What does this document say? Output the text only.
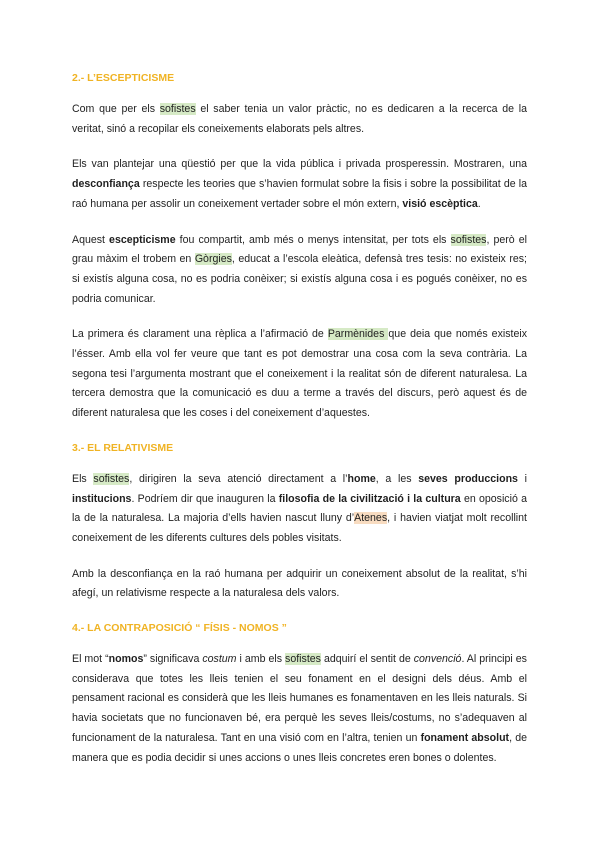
2.- L’ESCEPTICISME

Com que per els sofistes el saber tenia un valor pràctic, no es dedicaren a la recerca de la veritat, sinó a recopilar els coneixements elaborats pels altres.

Els van plantejar una qüestió per que la vida pública i privada prosperessin. Mostraren, una desconfiança respecte les teories que s’havien formulat sobre la fisis i sobre la possibilitat de la raó humana per assolir un coneixement vertader sobre el món extern, visió escèptica.

Aquest escepticisme fou compartit, amb més o menys intensitat, per tots els sofistes, però el grau màxim el trobem en Gòrgies, educat a l’escola eleàtica, defensà tres tesis: no existeix res; si existís alguna cosa, no es podria conèixer; si existís alguna cosa i es pogués conèixer, no es podria comunicar.

La primera és clarament una rèplica a l’afirmació de Parmènides que deia que només existeix l’ésser. Amb ella vol fer veure que tant es pot demostrar una cosa com la seva contrària. La segona tesi l’argumenta mostrant que el coneixement i la realitat són de diferent naturalesa. La tercera demostra que la comunicació es duu a terme a través del discurs, però aquest és de diferent naturalesa que les coses i del coneixement d’aquestes.

3.- EL RELATIVISME

Els sofistes, dirigiren la seva atenció directament a l’home, a les seves produccions i institucions. Podríem dir que inauguren la filosofia de la civilització i la cultura en oposició a la de la naturalesa. La majoria d’ells havien nascut lluny d’Atenes, i havien viatjat molt recollint coneixement de les diferents cultures dels pobles visitats.

Amb la desconfiança en la raó humana per adquirir un coneixement absolut de la realitat, s’hi afegí, un relativisme respecte a la naturalesa dels valors.

4.- LA CONTRAPOSICIÓ “ FÍSIS - NOMOS ”

El mot “nomos” significava costum i amb els sofistes adquirí el sentit de convenció. Al principi es considerava que totes les lleis tenien el seu fonament en el designi dels déus. Amb el pensament racional es considerà que les lleis humanes es fonamentaven en les lleis naturals. Si havia societats que no funcionaven bé, era perquè les seves lleis/costums, no s’adequaven al funcionament de la naturalesa. Tant en una visió com en l’altra, tenien un fonament absolut, de manera que es podia decidir si unes accions o unes lleis concretes eren bones o dolentes.
